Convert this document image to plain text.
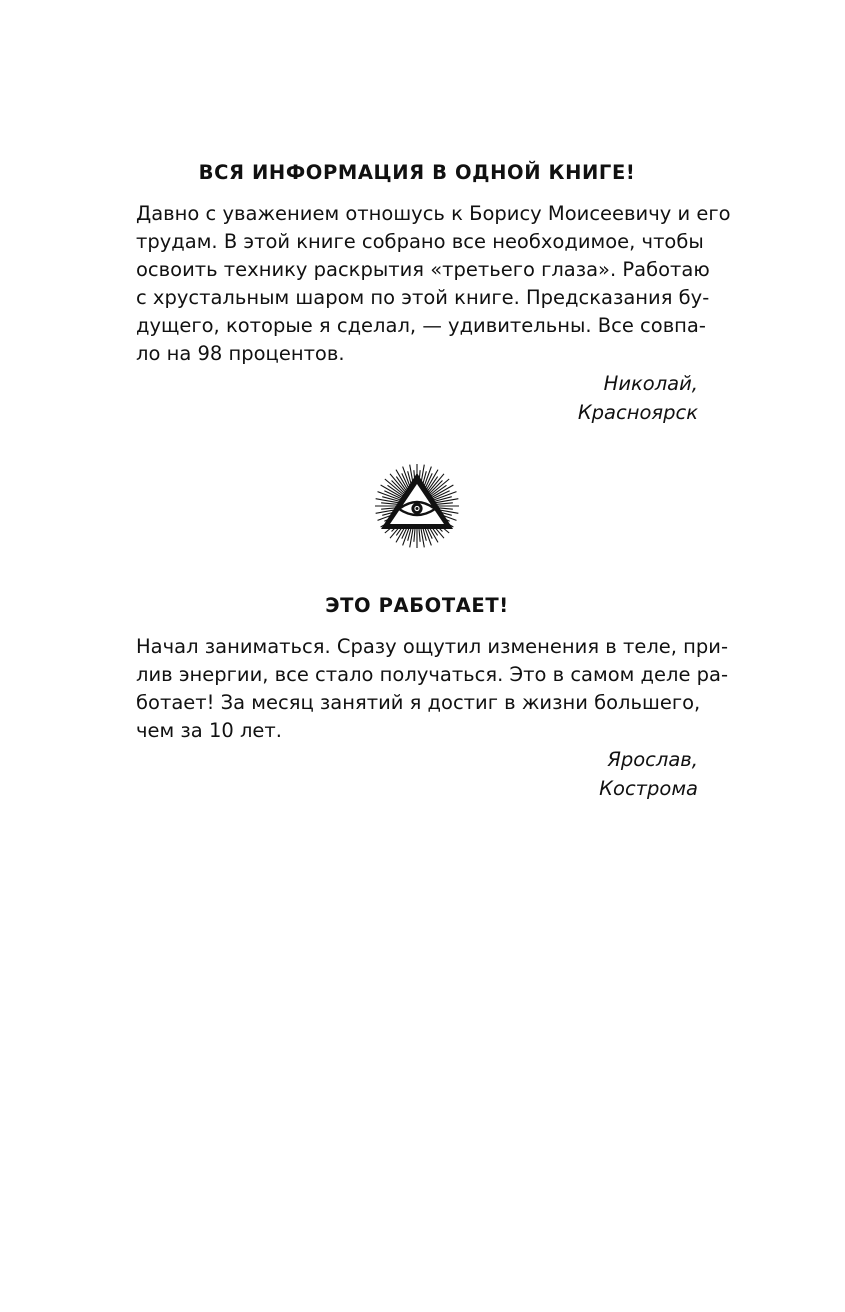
ВСЯ ИНФОРМАЦИЯ В ОДНОЙ КНИГЕ!

Давно с уважением отношусь к Борису Моисеевичу и его
трудам. В этой книге собрано все необходимое, чтобы
освоить технику раскрытия «третьего глаза». Работаю
с хрустальным шаром по этой книге. Предсказания бу-
дущего, которые я сделал, — удивительны. Все совпа-
ло на 98 процентов.

Николай,
Красноярск

ЭТО РАБОТАЕТ!

Начал заниматься. Сразу ощутил изменения в теле, при-
лив энергии, все стало получаться. Это в самом деле ра-
ботает! За месяц занятий я достиг в жизни большего,
чем за 10 лет.

Ярослав,
Кострома
